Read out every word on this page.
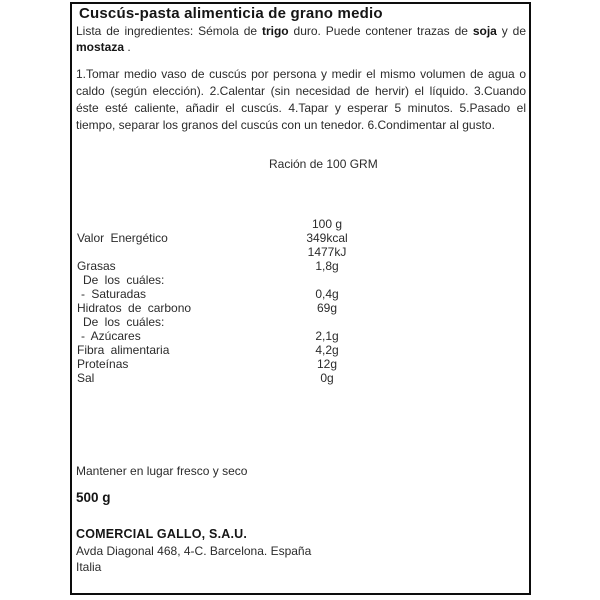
Cuscús-pasta alimenticia de grano medio
Lista de ingredientes: Sémola de trigo duro. Puede contener trazas de soja y de mostaza .
1.Tomar medio vaso de cuscús por persona y medir el mismo volumen de agua o caldo (según elección). 2.Calentar (sin necesidad de hervir) el líquido. 3.Cuando éste esté caliente, añadir el cuscús. 4.Tapar y esperar 5 minutos. 5.Pasado el tiempo, separar los granos del cuscús con un tenedor. 6.Condimentar al gusto.
Ración de 100 GRM
100 g
Valor Energético	349kcal
1477kJ
Grasas	1,8g
De los cuáles:
- Saturadas	0,4g
Hidratos de carbono	69g
De los cuáles:
- Azúcares	2,1g
Fibra alimentaria	4,2g
Proteínas	12g
Sal	0g
Mantener en lugar fresco y seco
500 g
COMERCIAL GALLO, S.A.U.
Avda Diagonal 468, 4-C. Barcelona. España
Italia
